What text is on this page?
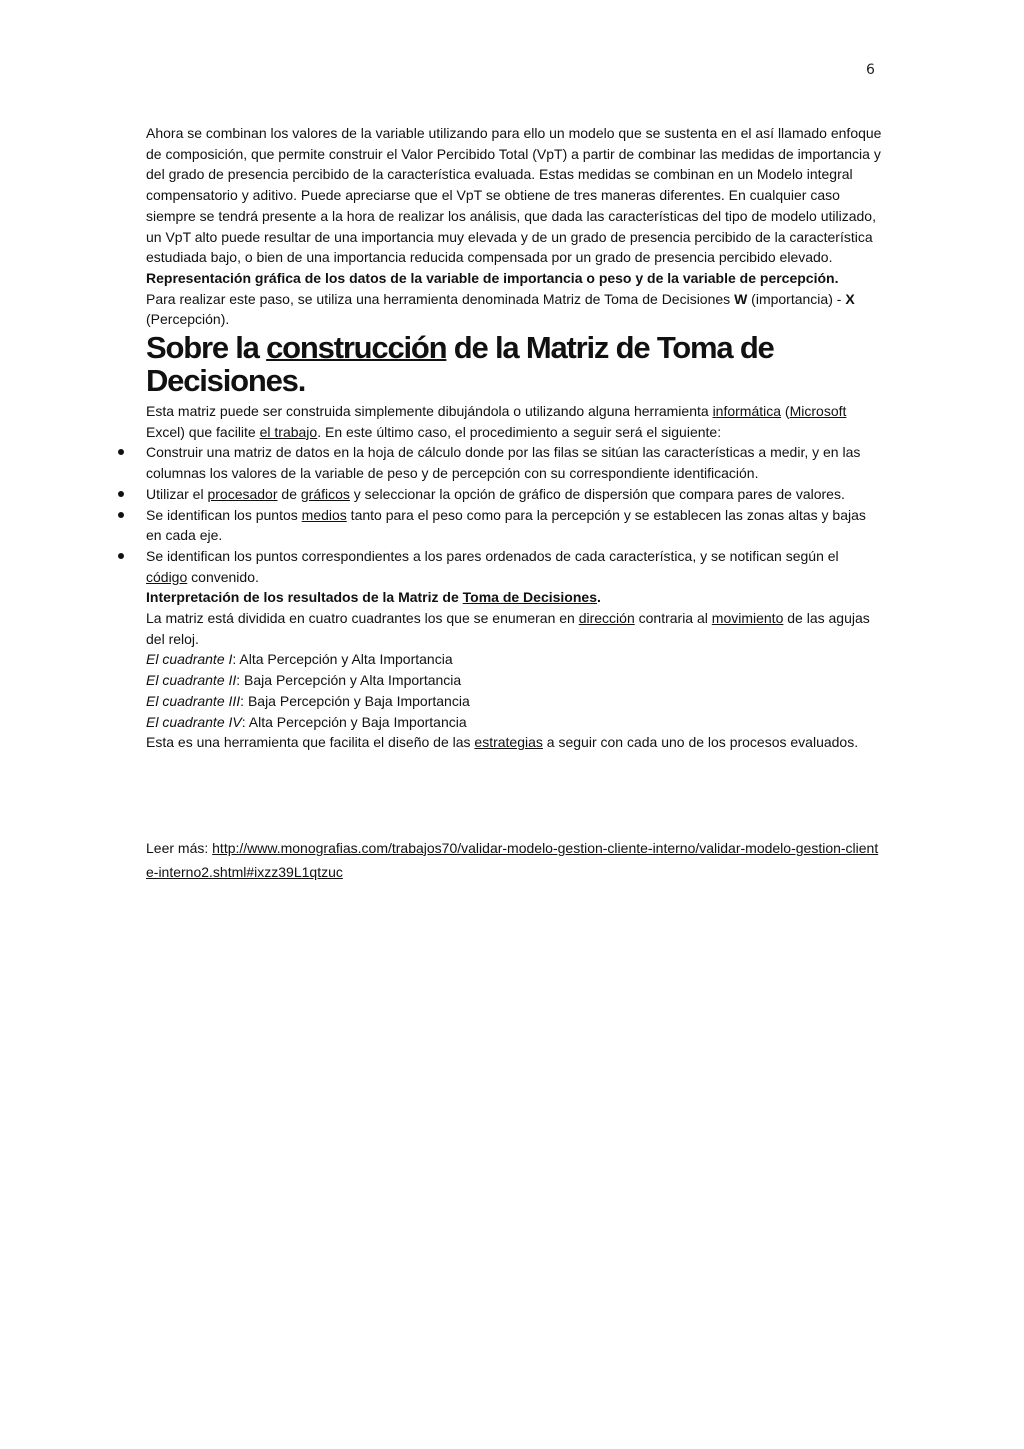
6

Ahora se combinan los valores de la variable utilizando para ello un modelo que se sustenta en el así llamado enfoque de composición, que permite construir el Valor Percibido Total (VpT) a partir de combinar las medidas de importancia y del grado de presencia percibido de la característica evaluada. Estas medidas se combinan en un Modelo integral compensatorio y aditivo. Puede apreciarse que el VpT se obtiene de tres maneras diferentes. En cualquier caso siempre se tendrá presente a la hora de realizar los análisis, que dada las características del tipo de modelo utilizado, un VpT alto puede resultar de una importancia muy elevada y de un grado de presencia percibido de la característica estudiada bajo, o bien de una importancia reducida compensada por un grado de presencia percibido elevado.

Representación gráfica de los datos de la variable de importancia o peso y de la variable de percepción.

Para realizar este paso, se utiliza una herramienta denominada Matriz de Toma de Decisiones W (importancia) - X (Percepción).

Sobre la construcción de la Matriz de Toma de Decisiones.

Esta matriz puede ser construida simplemente dibujándola o utilizando alguna herramienta informática (Microsoft Excel) que facilite el trabajo. En este último caso, el procedimiento a seguir será el siguiente:

Construir una matriz de datos en la hoja de cálculo donde por las filas se sitúan las características a medir, y en las columnas los valores de la variable de peso y de percepción con su correspondiente identificación.
Utilizar el procesador de gráficos y seleccionar la opción de gráfico de dispersión que compara pares de valores.
Se identifican los puntos medios tanto para el peso como para la percepción y se establecen las zonas altas y bajas en cada eje.
Se identifican los puntos correspondientes a los pares ordenados de cada característica, y se notifican según el código convenido.

Interpretación de los resultados de la Matriz de Toma de Decisiones.

La matriz está dividida en cuatro cuadrantes los que se enumeran en dirección contraria al movimiento de las agujas del reloj.

El cuadrante I: Alta Percepción y Alta Importancia

El cuadrante II: Baja Percepción y Alta Importancia

El cuadrante III: Baja Percepción y Baja Importancia

El cuadrante IV: Alta Percepción y Baja Importancia

Esta es una herramienta que facilita el diseño de las estrategias a seguir con cada uno de los procesos evaluados.

Leer más: http://www.monografias.com/trabajos70/validar-modelo-gestion-cliente-interno/validar-modelo-gestion-cliente-interno2.shtml#ixzz39L1qtzuc
